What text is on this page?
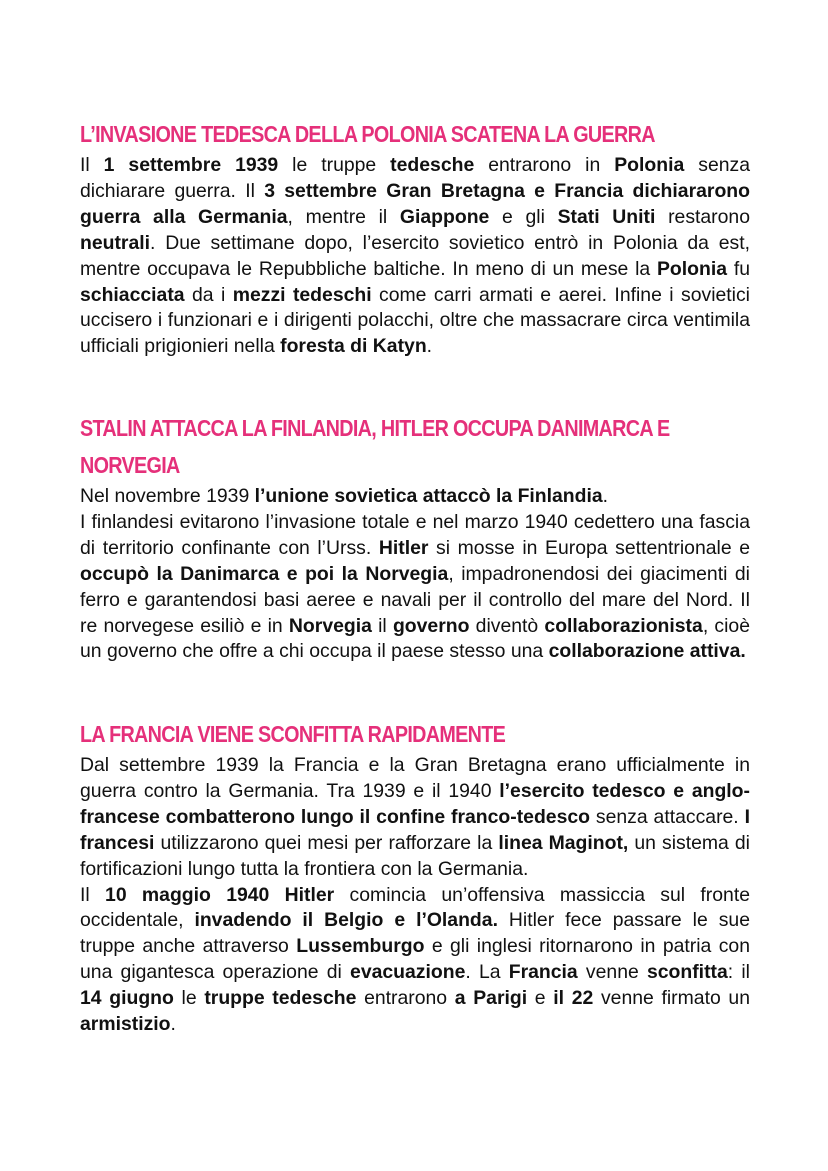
L’INVASIONE TEDESCA DELLA POLONIA SCATENA LA GUERRA

Il 1 settembre 1939 le truppe tedesche entrarono in Polonia senza dichiarare guerra. Il 3 settembre Gran Bretagna e Francia dichiararono guerra alla Germania, mentre il Giappone e gli Stati Uniti restarono neutrali. Due settimane dopo, l’esercito sovietico entrò in Polonia da est, mentre occupava le Repubbliche baltiche. In meno di un mese la Polonia fu schiacciata da i mezzi tedeschi come carri armati e aerei. Infine i sovietici uccisero i funzionari e i dirigenti polacchi, oltre che massacrare circa ventimila ufficiali prigionieri nella foresta di Katyn.

STALIN ATTACCA LA FINLANDIA, HITLER OCCUPA DANIMARCA E NORVEGIA

Nel novembre 1939 l’unione sovietica attaccò la Finlandia.

I finlandesi evitarono l’invasione totale e nel marzo 1940 cedettero una fascia di territorio confinante con l’Urss. Hitler si mosse in Europa settentrionale e occupò la Danimarca e poi la Norvegia, impadronendosi dei giacimenti di ferro e garantendosi basi aeree e navali per il controllo del mare del Nord. Il re norvegese esiliò e in Norvegia il governo diventò collaborazionista, cioè un governo che offre a chi occupa il paese stesso una collaborazione attiva.

LA FRANCIA VIENE SCONFITTA RAPIDAMENTE

Dal settembre 1939 la Francia e la Gran Bretagna erano ufficialmente in guerra contro la Germania. Tra 1939 e il 1940 l’esercito tedesco e anglo-francese combatterono lungo il confine franco-tedesco senza attaccare. I francesi utilizzarono quei mesi per rafforzare la linea Maginot, un sistema di fortificazioni lungo tutta la frontiera con la Germania.

Il 10 maggio 1940 Hitler comincia un’offensiva massiccia sul fronte occidentale, invadendo il Belgio e l’Olanda. Hitler fece passare le sue truppe anche attraverso Lussemburgo e gli inglesi ritornarono in patria con una gigantesca operazione di evacuazione. La Francia venne sconfitta: il 14 giugno le truppe tedesche entrarono a Parigi e il 22 venne firmato un armistizio.
